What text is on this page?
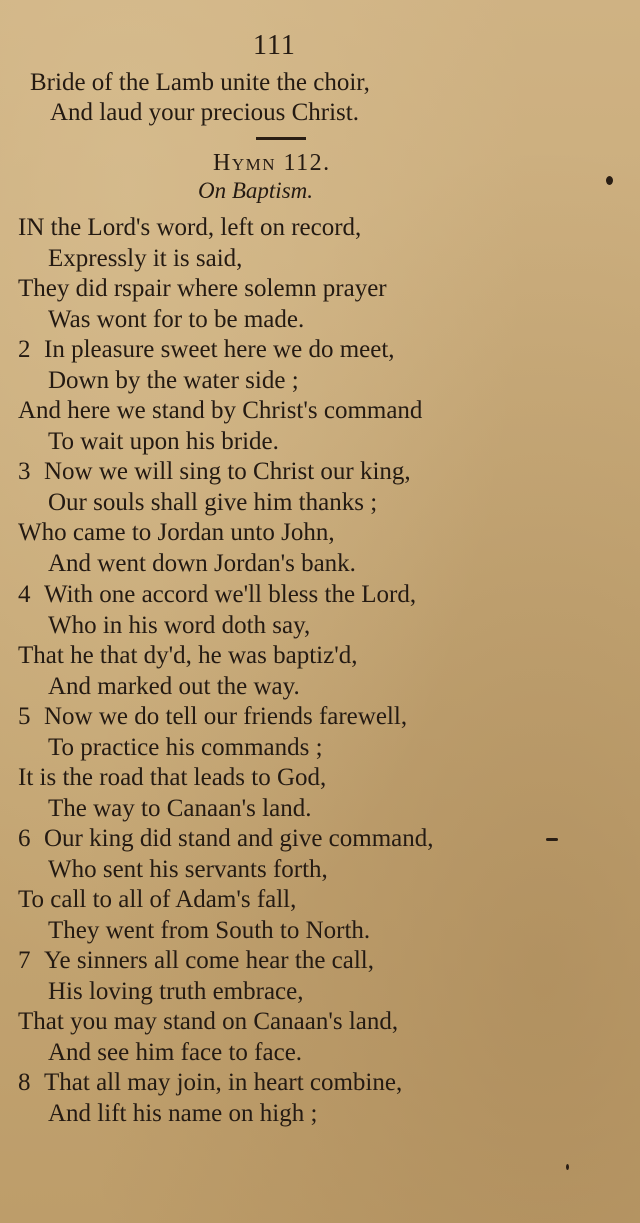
111
Bride of the Lamb unite the choir,
And laud your precious Christ.
Hymn 112.
On Baptism.
IN the Lord's word, left on record,
Expressly it is said,
They did rspair where solemn prayer
Was wont for to be made.
2 In pleasure sweet here we do meet,
Down by the water side ;
And here we stand by Christ's command
To wait upon his bride.
3 Now we will sing to Christ our king,
Our souls shall give him thanks ;
Who came to Jordan unto John,
And went down Jordan's bank.
4 With one accord we'll bless the Lord,
Who in his word doth say,
That he that dy'd, he was baptiz'd,
And marked out the way.
5 Now we do tell our friends farewell,
To practice his commands ;
It is the road that leads to God,
The way to Canaan's land.
6 Our king did stand and give command,
Who sent his servants forth,
To call to all of Adam's fall,
They went from South to North.
7 Ye sinners all come hear the call,
His loving truth embrace,
That you may stand on Canaan's land,
And see him face to face.
8 That all may join, in heart combine,
And lift his name on high ;
